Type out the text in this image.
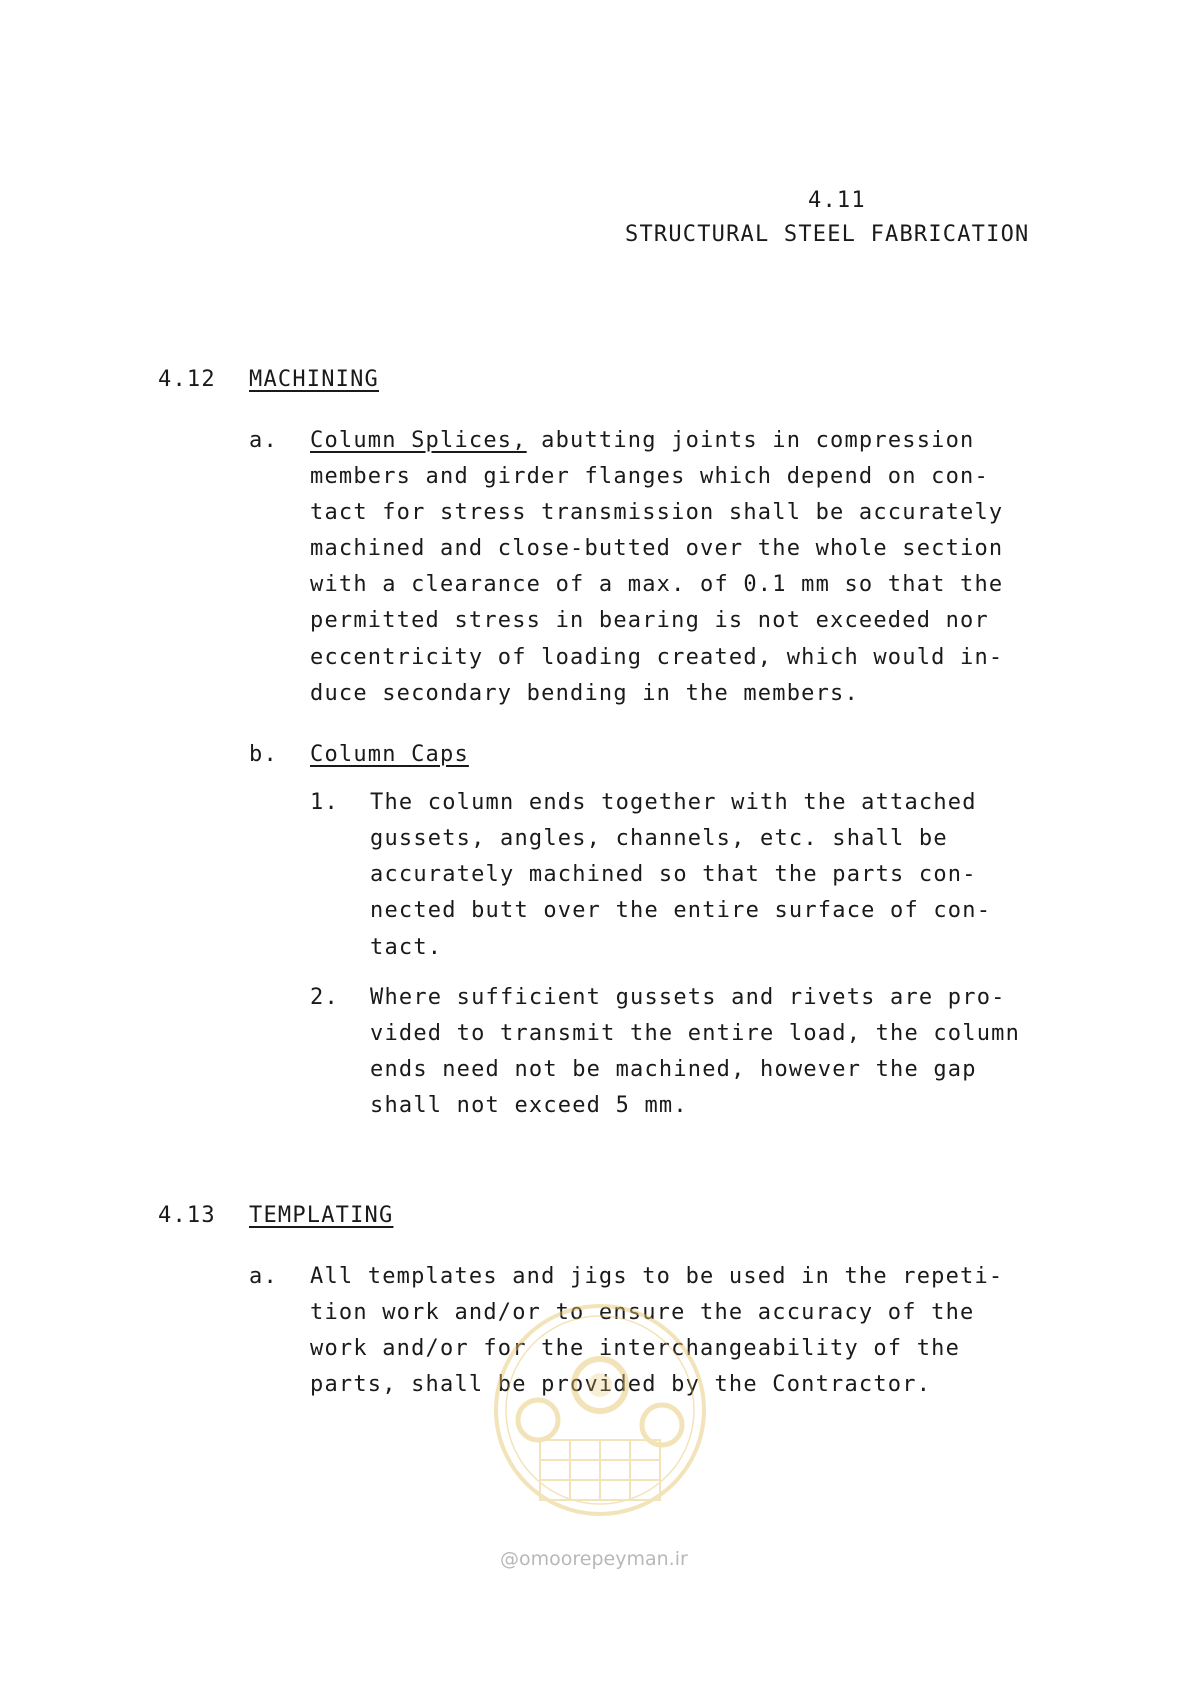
4.11
STRUCTURAL STEEL FABRICATION
4.12 MACHINING
a. Column Splices, abutting joints in compression
members and girder flanges which depend on con-
tact for stress transmission shall be accurately
machined and close-butted over the whole section
with a clearance of a max. of 0.1 mm so that the
permitted stress in bearing is not exceeded nor
eccentricity of loading created, which would in-
duce secondary bending in the members.
b. Column Caps
1. The column ends together with the attached
gussets, angles, channels, etc. shall be
accurately machined so that the parts con-
nected butt over the entire surface of con-
tact.
2. Where sufficient gussets and rivets are pro-
vided to transmit the entire load, the column
ends need not be machined, however the gap
shall not exceed 5 mm.
4.13 TEMPLATING
a. All templates and jigs to be used in the repeti-
tion work and/or to ensure the accuracy of the
work and/or for the interchangeability of the
parts, shall be provided by the Contractor.
@omoorepeyman.ir
